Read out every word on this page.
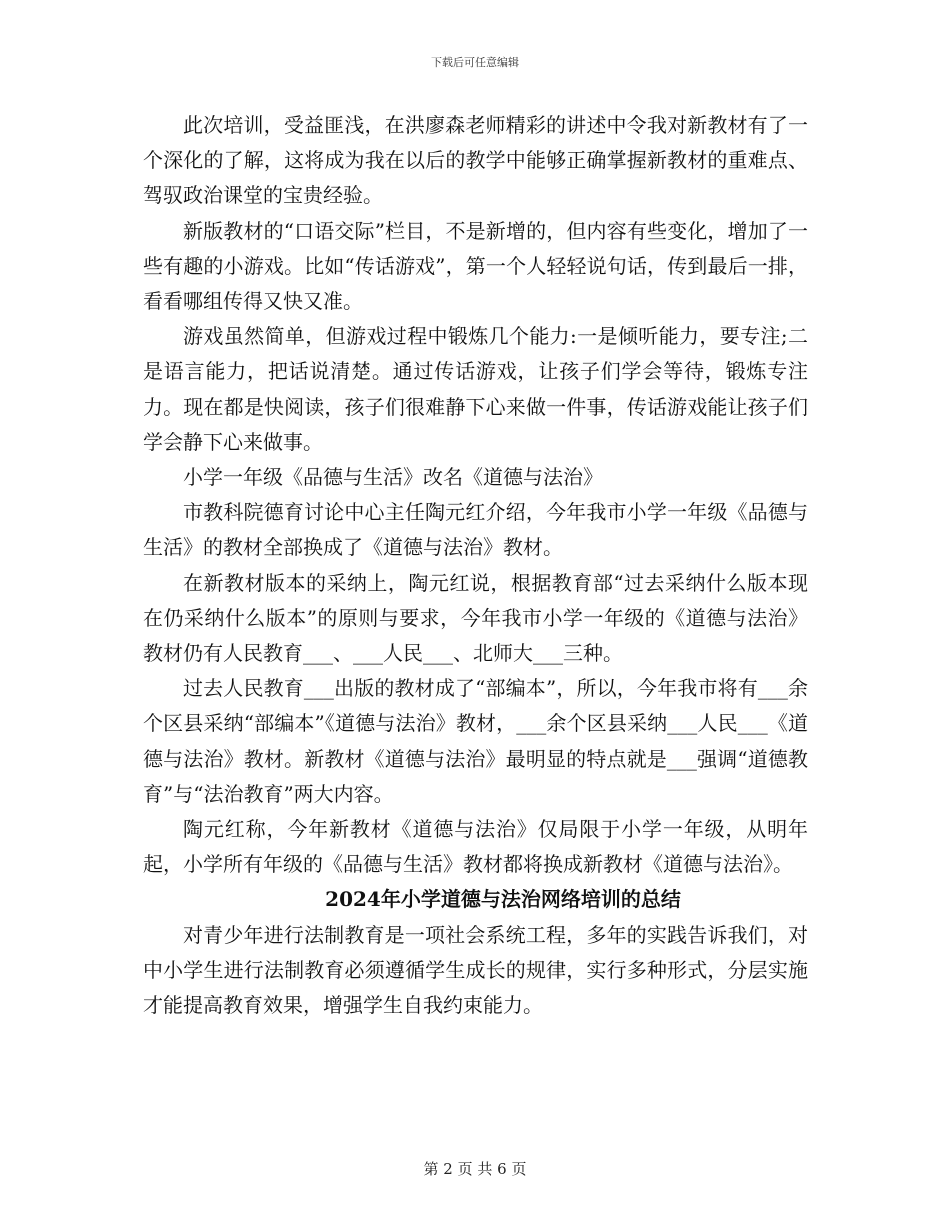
下载后可任意编辑

此次培训，受益匪浅，在洪廖森老师精彩的讲述中令我对新教材有了一个深化的了解，这将成为我在以后的教学中能够正确掌握新教材的重难点、驾驭政治课堂的宝贵经验。

新版教材的“口语交际”栏目，不是新增的，但内容有些变化，增加了一些有趣的小游戏。比如“传话游戏”，第一个人轻轻说句话，传到最后一排，看看哪组传得又快又准。

游戏虽然简单，但游戏过程中锻炼几个能力:一是倾听能力，要专注;二是语言能力，把话说清楚。通过传话游戏，让孩子们学会等待，锻炼专注力。现在都是快阅读，孩子们很难静下心来做一件事，传话游戏能让孩子们学会静下心来做事。

小学一年级《品德与生活》改名《道德与法治》

市教科院德育讨论中心主任陶元红介绍，今年我市小学一年级《品德与生活》的教材全部换成了《道德与法治》教材。

在新教材版本的采纳上，陶元红说，根据教育部“过去采纳什么版本现在仍采纳什么版本”的原则与要求，今年我市小学一年级的《道德与法治》教材仍有人民教育___、___人民___、北师大___三种。

过去人民教育___出版的教材成了“部编本”，所以，今年我市将有___余个区县采纳“部编本”《道德与法治》教材，___余个区县采纳___人民___《道德与法治》教材。新教材《道德与法治》最明显的特点就是___强调“道德教育”与“法治教育”两大内容。

陶元红称，今年新教材《道德与法治》仅局限于小学一年级，从明年起，小学所有年级的《品德与生活》教材都将换成新教材《道德与法治》。

2024年小学道德与法治网络培训的总结

对青少年进行法制教育是一项社会系统工程，多年的实践告诉我们，对中小学生进行法制教育必须遵循学生成长的规律，实行多种形式，分层实施才能提高教育效果，增强学生自我约束能力。

第 2 页 共 6 页
